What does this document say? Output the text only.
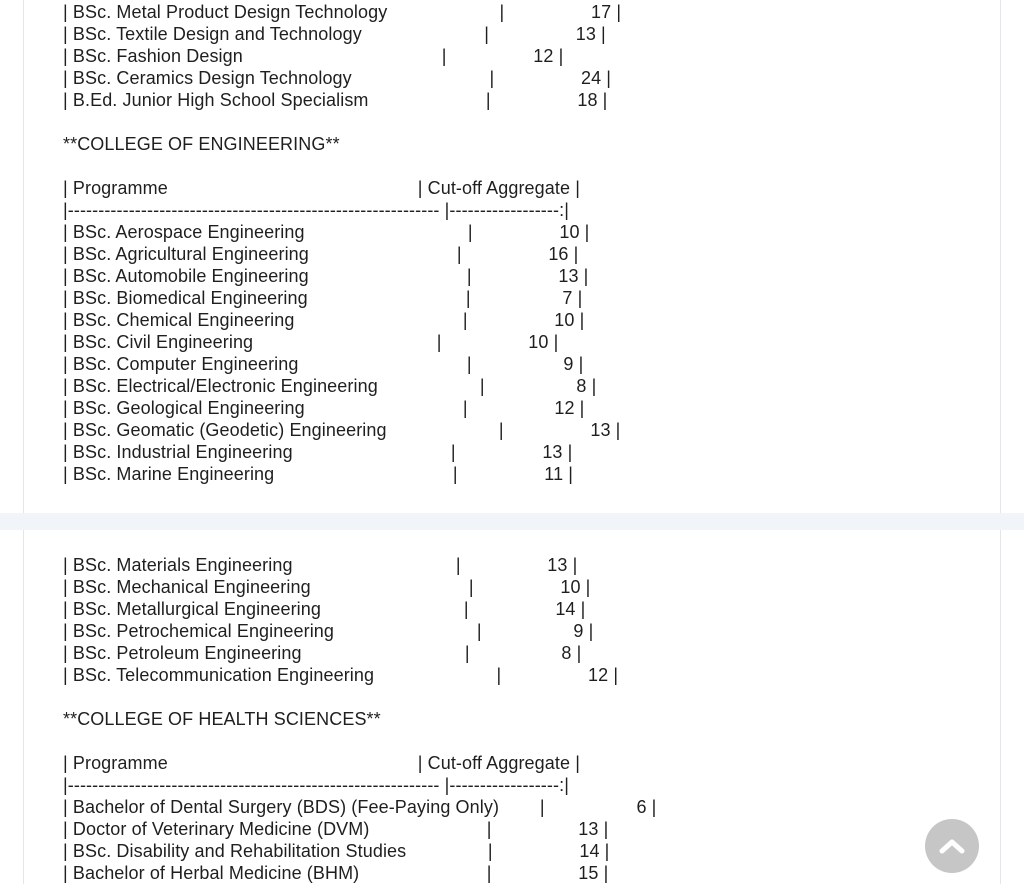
| BSc. Metal Product Design Technology                      |                 17 |
| BSc. Textile Design and Technology                        |                 13 |
| BSc. Fashion Design                                       |                 12 |
| BSc. Ceramics Design Technology                           |                 24 |
| B.Ed. Junior High School Specialism                       |                 18 |

**COLLEGE OF ENGINEERING**

| Programme                                                 | Cut-off Aggregate |
|------------------------------------------------------------- |------------------:|
| BSc. Aerospace Engineering                                |                 10 |
| BSc. Agricultural Engineering                             |                 16 |
| BSc. Automobile Engineering                               |                 13 |
| BSc. Biomedical Engineering                               |                  7 |
| BSc. Chemical Engineering                                 |                 10 |
| BSc. Civil Engineering                                    |                 10 |
| BSc. Computer Engineering                                 |                  9 |
| BSc. Electrical/Electronic Engineering                    |                  8 |
| BSc. Geological Engineering                               |                 12 |
| BSc. Geomatic (Geodetic) Engineering                      |                 13 |
| BSc. Industrial Engineering                               |                 13 |
| BSc. Marine Engineering                                   |                 11 |
| BSc. Materials Engineering                                |                 13 |
| BSc. Mechanical Engineering                               |                 10 |
| BSc. Metallurgical Engineering                            |                 14 |
| BSc. Petrochemical Engineering                            |                  9 |
| BSc. Petroleum Engineering                                |                  8 |
| BSc. Telecommunication Engineering                        |                 12 |

**COLLEGE OF HEALTH SCIENCES**

| Programme                                                 | Cut-off Aggregate |
|------------------------------------------------------------- |------------------:|
| Bachelor of Dental Surgery (BDS) (Fee-Paying Only)        |                  6 |
| Doctor of Veterinary Medicine (DVM)                       |                 13 |
| BSc. Disability and Rehabilitation Studies                |                 14 |
| Bachelor of Herbal Medicine (BHM)                         |                 15 |
